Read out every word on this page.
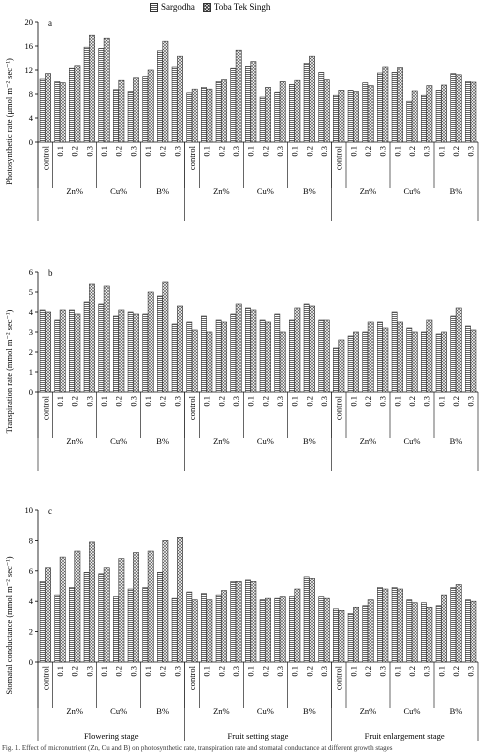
Sargodha Toba Tek Singh
a
0
4
8
12
16
20
Photosynthetic rate (μmol m⁻² sec⁻¹)	control 0.1 0.2 0.3 0.1 0.2 0.3 0.1 0.2 0.3 control 0.1 0.2 0.3 0.1 0.2 0.3 0.1 0.2 0.3 control 0.1 0.2 0.3 0.1 0.2 0.3 0.1 0.2 0.3
Zn%	Cu%	B%	Zn%	Cu%	B%	Zn%	Cu%	B%
b
0
1
2
3
4
5
6
Transpiration rate (mmol m⁻² sec⁻¹)	control 0.1 0.2 0.3 0.1 0.2 0.3 0.1 0.2 0.3 control 0.1 0.2 0.3 0.1 0.2 0.3 0.1 0.2 0.3 control 0.1 0.2 0.3 0.1 0.2 0.3 0.1 0.2 0.3
Zn%	Cu%	B%	Zn%	Cu%	B%	Zn%	Cu%	B%
c
0
2
4
6
8
10
Stomatal conductance (mmol m⁻² sec⁻¹)	control 0.1 0.2 0.3 0.1 0.2 0.3 0.1 0.2 0.3 control 0.1 0.2 0.3 0.1 0.2 0.3 0.1 0.2 0.3 control 0.1 0.2 0.3 0.1 0.2 0.3 0.1 0.2 0.3
Zn%	Cu%	B%
Flowering stage
Zn%	Cu%	B%
Fruit setting stage
Zn%	Cu%	B%
Fruit enlargement stage
Fig. 1. Effect of micronutrient (Zn, Cu and B) on photosynthetic rate, transpiration rate and stomatal conductance at different growth stages
